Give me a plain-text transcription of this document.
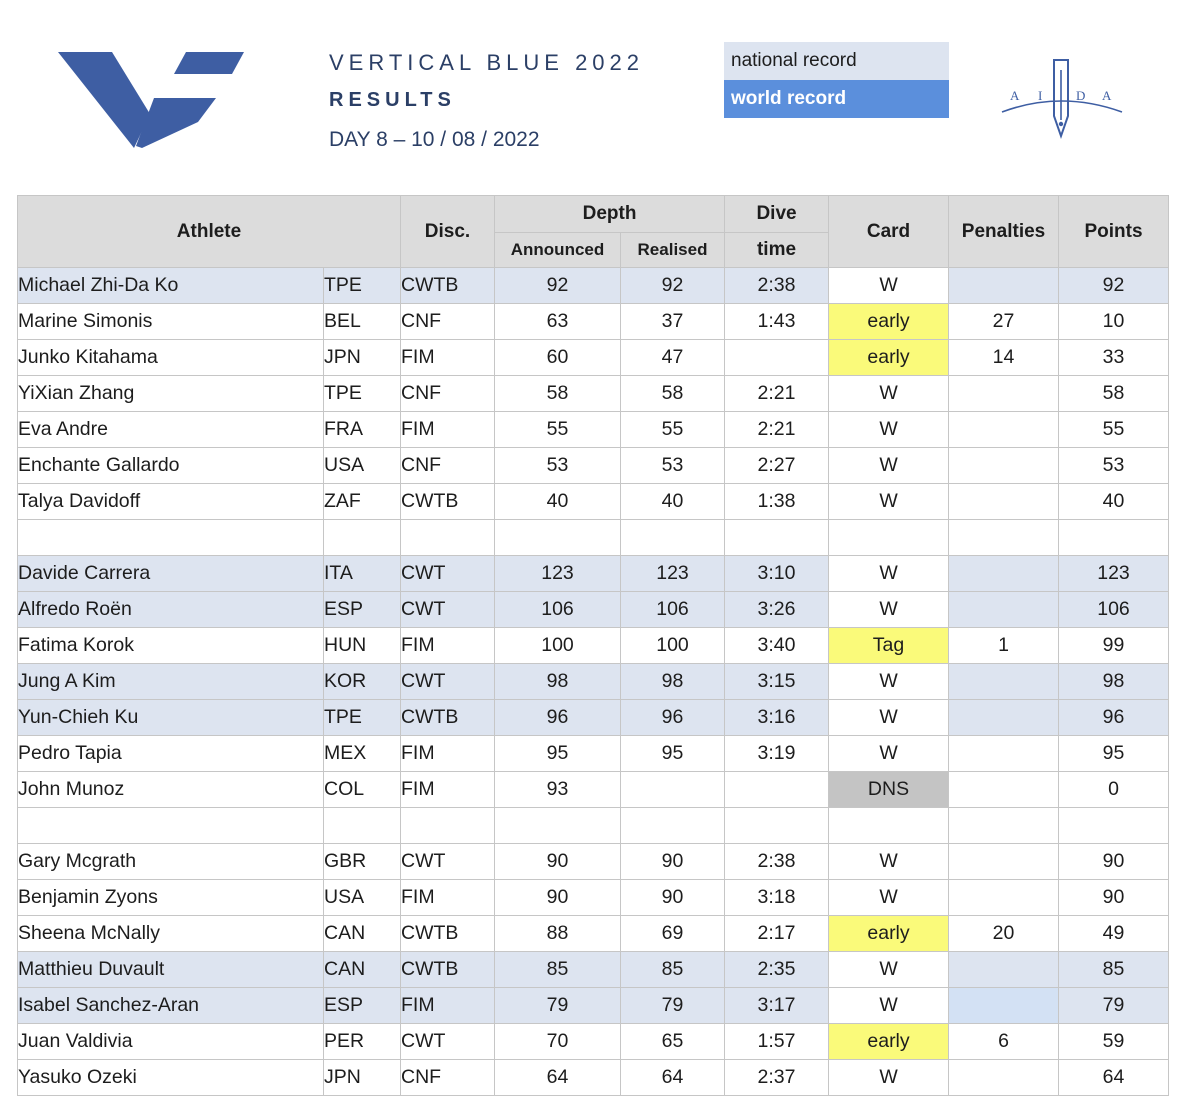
VERTICAL BLUE 2022
RESULTS
DAY 8 – 10 / 08 / 2022
national record
world record	A I	D A
Athlete		Disc.	Depth		Dive	Card	Penalties	Points
			Announced	Realised	time			
Michael Zhi-Da Ko	TPE	CWTB	92	92	2:38	W		92
Marine Simonis	BEL	CNF	63	37	1:43	early	27	10
Junko Kitahama	JPN	FIM	60	47		early	14	33
YiXian Zhang	TPE	CNF	58	58	2:21	W		58
Eva Andre	FRA	FIM	55	55	2:21	W		55
Enchante Gallardo	USA	CNF	53	53	2:27	W		53
Talya Davidoff	ZAF	CWTB	40	40	1:38	W		40

Davide Carrera	ITA	CWT	123	123	3:10	W		123
Alfredo Roën	ESP	CWT	106	106	3:26	W		106
Fatima Korok	HUN	FIM	100	100	3:40	Tag	1	99
Jung A Kim	KOR	CWT	98	98	3:15	W		98
Yun-Chieh Ku	TPE	CWTB	96	96	3:16	W		96
Pedro Tapia	MEX	FIM	95	95	3:19	W		95
John Munoz	COL	FIM	93			DNS		0

Gary Mcgrath	GBR	CWT	90	90	2:38	W		90
Benjamin Zyons	USA	FIM	90	90	3:18	W		90
Sheena McNally	CAN	CWTB	88	69	2:17	early	20	49
Matthieu Duvault	CAN	CWTB	85	85	2:35	W		85
Isabel Sanchez-Aran	ESP	FIM	79	79	3:17	W		79
Juan Valdivia	PER	CWT	70	65	1:57	early	6	59
Yasuko Ozeki	JPN	CNF	64	64	2:37	W		64
